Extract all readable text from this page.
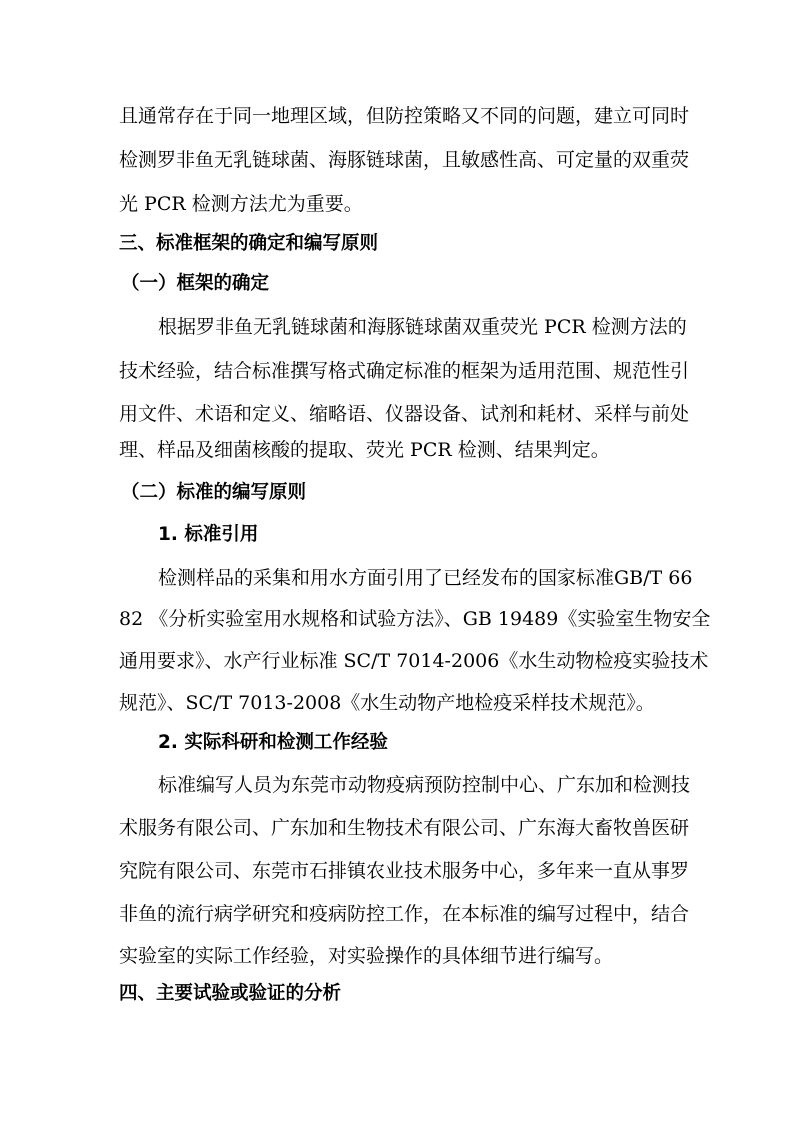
且通常存在于同一地理区域，但防控策略又不同的问题，建立可同时
检测罗非鱼无乳链球菌、海豚链球菌，且敏感性高、可定量的双重荧
光 PCR 检测方法尤为重要。
三、标准框架的确定和编写原则
（一）框架的确定
根据罗非鱼无乳链球菌和海豚链球菌双重荧光 PCR 检测方法的
技术经验，结合标准撰写格式确定标准的框架为适用范围、规范性引
用文件、术语和定义、缩略语、仪器设备、试剂和耗材、采样与前处
理、样品及细菌核酸的提取、荧光 PCR 检测、结果判定。
（二）标准的编写原则
1. 标准引用
检测样品的采集和用水方面引用了已经发布的国家标准GB/T 66
82 《分析实验室用水规格和试验方法》、GB 19489《实验室生物安全
通用要求》、水产行业标准 SC/T 7014-2006《水生动物检疫实验技术
规范》、SC/T 7013-2008《水生动物产地检疫采样技术规范》。
2. 实际科研和检测工作经验
标准编写人员为东莞市动物疫病预防控制中心、广东加和检测技
术服务有限公司、广东加和生物技术有限公司、广东海大畜牧兽医研
究院有限公司、东莞市石排镇农业技术服务中心，多年来一直从事罗
非鱼的流行病学研究和疫病防控工作，在本标准的编写过程中，结合
实验室的实际工作经验，对实验操作的具体细节进行编写。
四、主要试验或验证的分析
